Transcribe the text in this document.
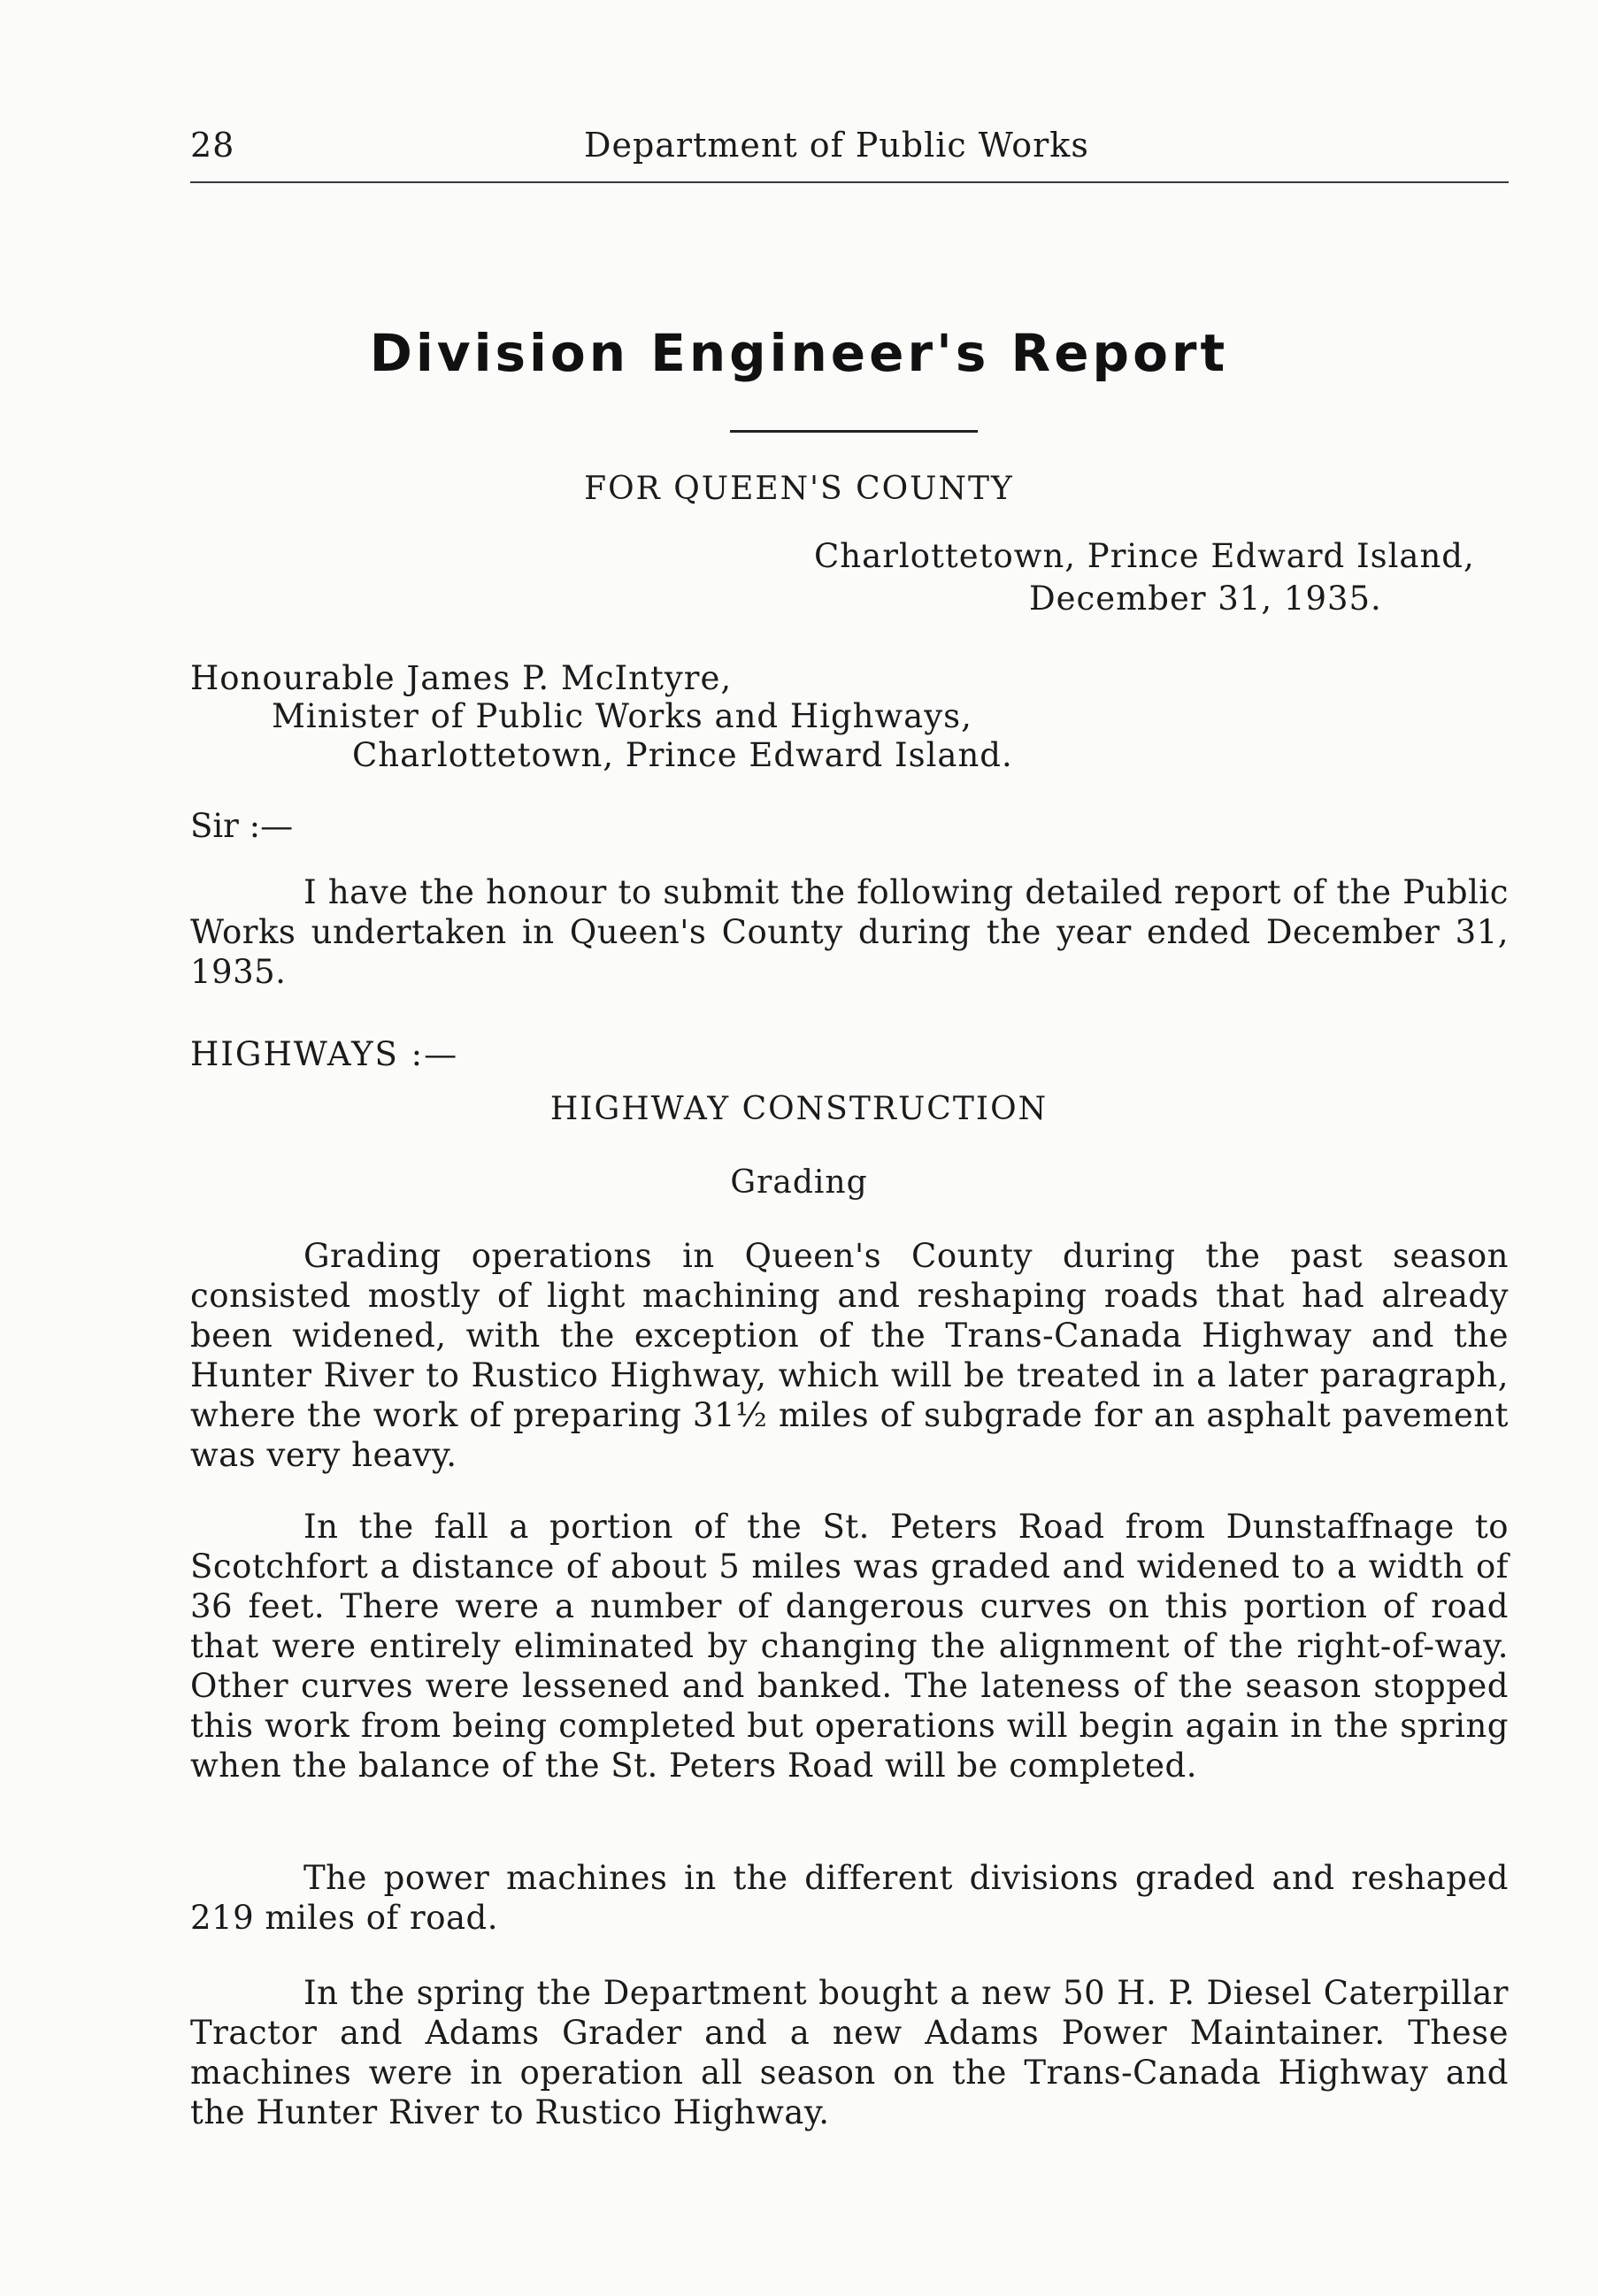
28	Department of Public Works
Division Engineer's Report
FOR QUEEN'S COUNTY
Charlottetown, Prince Edward Island,
December 31, 1935.
Honourable James P. McIntyre,
Minister of Public Works and Highways,
Charlottetown, Prince Edward Island.
Sir :—
I have the honour to submit the following detailed report of the Public Works undertaken in Queen's County during the year ended December 31, 1935.
HIGHWAYS :—
HIGHWAY CONSTRUCTION
Grading
Grading operations in Queen's County during the past season consisted mostly of light machining and reshaping roads that had already been widened, with the exception of the Trans-Canada Highway and the Hunter River to Rustico Highway, which will be treated in a later paragraph, where the work of preparing 31½ miles of subgrade for an asphalt pavement was very heavy.
In the fall a portion of the St. Peters Road from Dunstaffnage to Scotchfort a distance of about 5 miles was graded and widened to a width of 36 feet. There were a number of dangerous curves on this portion of road that were entirely eliminated by changing the alignment of the right-of-way. Other curves were lessened and banked. The lateness of the season stopped this work from being completed but operations will begin again in the spring when the balance of the St. Peters Road will be completed.
The power machines in the different divisions graded and reshaped 219 miles of road.
In the spring the Department bought a new 50 H. P. Diesel Caterpillar Tractor and Adams Grader and a new Adams Power Maintainer. These machines were in operation all season on the Trans-Canada Highway and the Hunter River to Rustico Highway.
